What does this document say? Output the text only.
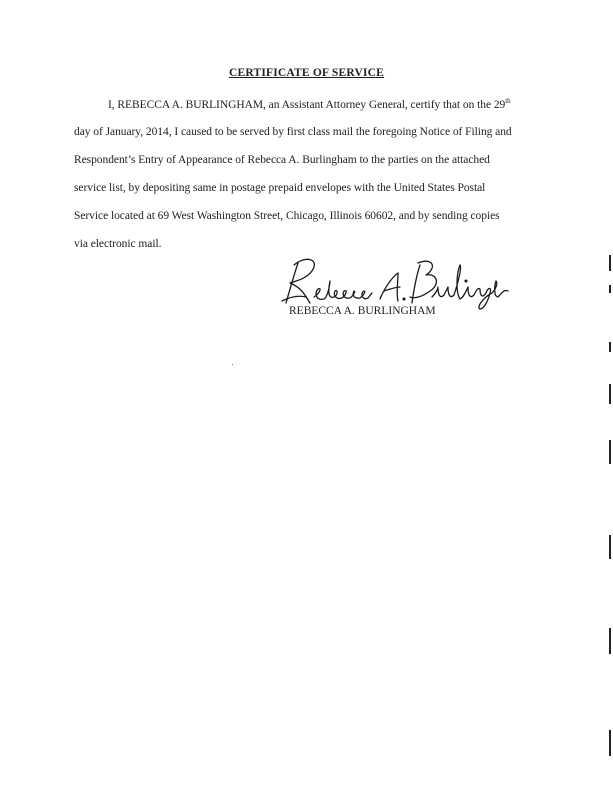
CERTIFICATE OF SERVICE
I, REBECCA A. BURLINGHAM, an Assistant Attorney General, certify that on the 29th
day of January, 2014, I caused to be served by first class mail the foregoing Notice of Filing and
Respondent’s Entry of Appearance of Rebecca A. Burlingham to the parties on the attached
service list, by depositing same in postage prepaid envelopes with the United States Postal
Service located at 69 West Washington Street, Chicago, Illinois 60602, and by sending copies
via electronic mail.
REBECCA A. BURLINGHAM
